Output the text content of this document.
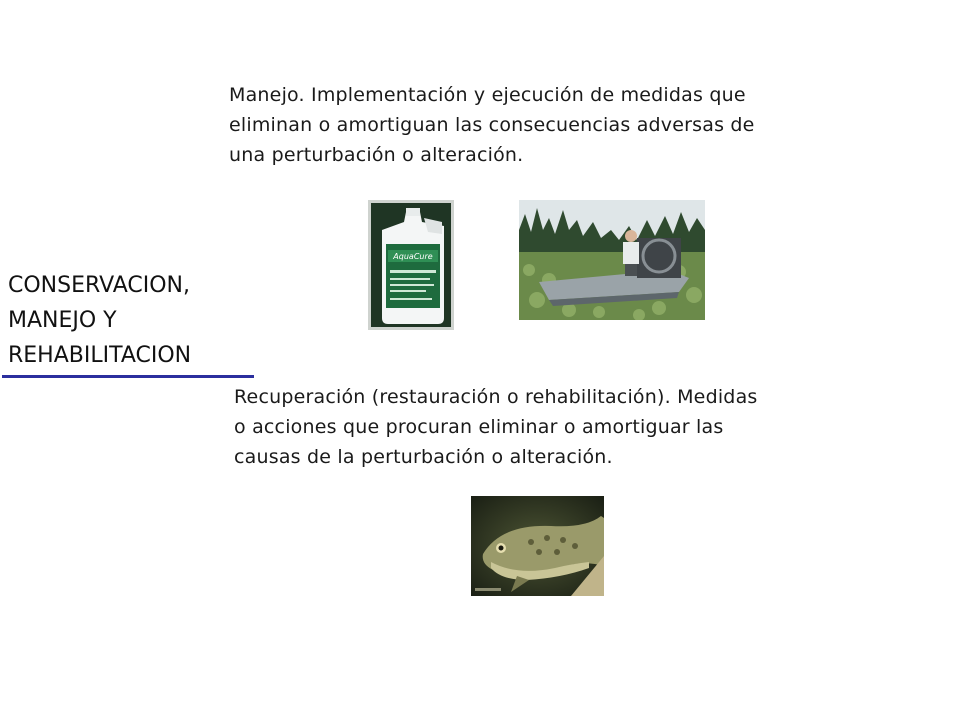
Manejo. Implementación y ejecución de medidas que
eliminan o amortiguan las consecuencias adversas de
una perturbación o alteración.

CONSERVACION,
MANEJO Y
REHABILITACION
AquaCure

Recuperación (restauración o rehabilitación). Medidas
o acciones que procuran eliminar o amortiguar las
causas de la perturbación o alteración.
